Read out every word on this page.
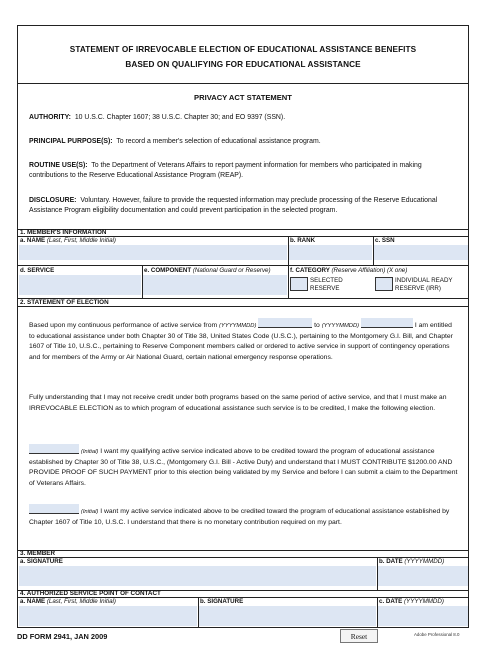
STATEMENT OF IRREVOCABLE ELECTION OF EDUCATIONAL ASSISTANCE BENEFITS
BASED ON QUALIFYING FOR EDUCATIONAL ASSISTANCE
PRIVACY ACT STATEMENT
AUTHORITY: 10 U.S.C. Chapter 1607; 38 U.S.C. Chapter 30; and EO 9397 (SSN).
PRINCIPAL PURPOSE(S): To record a member's selection of educational assistance program.
ROUTINE USE(S): To the Department of Veterans Affairs to report payment information for members who participated in making contributions to the Reserve Educational Assistance Program (REAP).
DISCLOSURE: Voluntary. However, failure to provide the requested information may preclude processing of the Reserve Educational Assistance Program eligibility documentation and could prevent participation in the selected program.
1. MEMBER'S INFORMATION
a. NAME (Last, First, Middle Initial)	b. RANK	c. SSN
d. SERVICE	e. COMPONENT (National Guard or Reserve)	f. CATEGORY (Reserve Affiliation) (X one)
SELECTED
RESERVE
INDIVIDUAL READY
RESERVE (IRR)
2. STATEMENT OF ELECTION
Based upon my continuous performance of active service from (YYYYMMDD)	to (YYYYMMDD)	I am entitled to educational assistance under both Chapter 30 of Title 38, United States Code (U.S.C.), pertaining to the Montgomery G.I. Bill, and Chapter 1607 of Title 10, U.S.C., pertaining to Reserve Component members called or ordered to active service in support of contingency operations and for members of the Army or Air National Guard, certain national emergency response operations.
Fully understanding that I may not receive credit under both programs based on the same period of active service, and that I must make an IRREVOCABLE ELECTION as to which program of educational assistance such service is to be credited, I make the following election.
(Initial) I want my qualifying active service indicated above to be credited toward the program of educational assistance established by Chapter 30 of Title 38, U.S.C., (Montgomery G.I. Bill - Active Duty) and understand that I MUST CONTRIBUTE $1200.00 AND PROVIDE PROOF OF SUCH PAYMENT prior to this election being validated by my Service and before I can submit a claim to the Department of Veterans Affairs.
(Initial) I want my active service indicated above to be credited toward the program of educational assistance established by Chapter 1607 of Title 10, U.S.C. I understand that there is no monetary contribution required on my part.
3. MEMBER
a. SIGNATURE	b. DATE (YYYYMMDD)
4. AUTHORIZED SERVICE POINT OF CONTACT
a. NAME (Last, First, Middle Initial)	b. SIGNATURE	c. DATE (YYYYMMDD)
DD FORM 2941, JAN 2009	Reset	Adobe Professional 8.0
